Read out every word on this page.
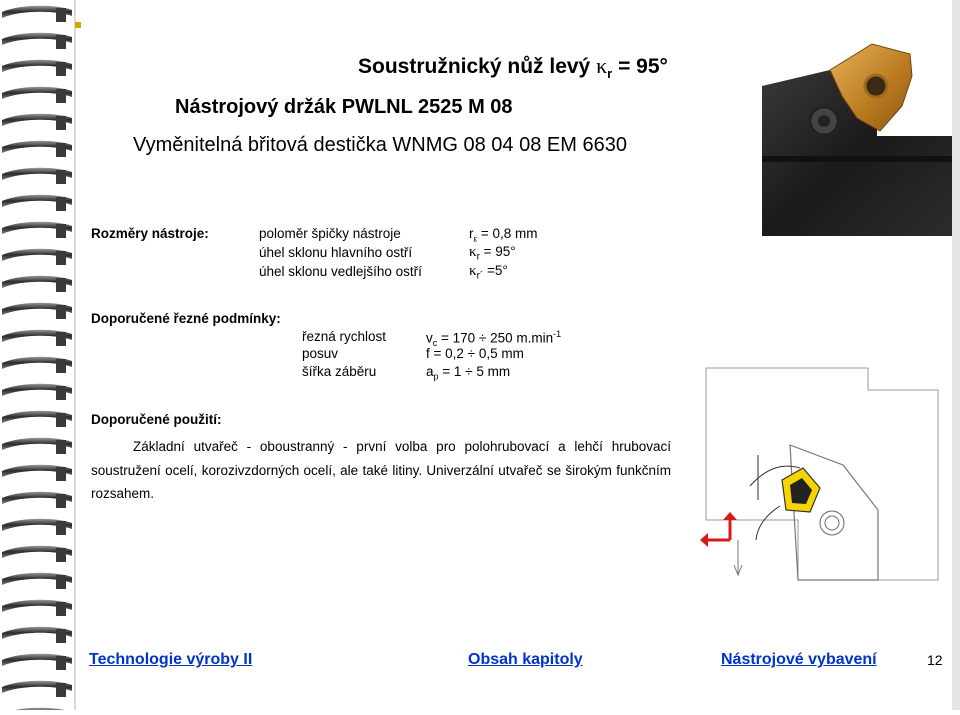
Soustružnický nůž levý $\kappa_r = 95^\circ$
Nástrojový držák PWLNL 2525 M 08
Vyměnitelná břitová destička WNMG 08 04 08 EM 6630
Rozměry nástroje:	poloměr špičky nástroje	$r_\varepsilon = 0,8$ mm
úhel sklonu hlavního ostří	$\kappa_r = 95^\circ$
úhel sklonu vedlejšího ostří	$\kappa_{r´} =5^\circ$
Doporučené řezné podmínky:
řezná rychlost	$v_c = 170 \div 250$ $m.\min^{-1}$
posuv	f = 0,2 ÷ 0,5 mm
šířka záběru	$a_p = 1 \div 5$ mm
Doporučené použití:
Základní utvařeč - oboustranný - první volba pro polohrubovací a lehčí hrubovací soustružení ocelí, korozivzdorných ocelí, ale také litiny. Univerzální utvařeč se širokým funkčním rozsahem.
Technologie výroby II	Obsah kapitoly	Nástrojové vybavení	12
